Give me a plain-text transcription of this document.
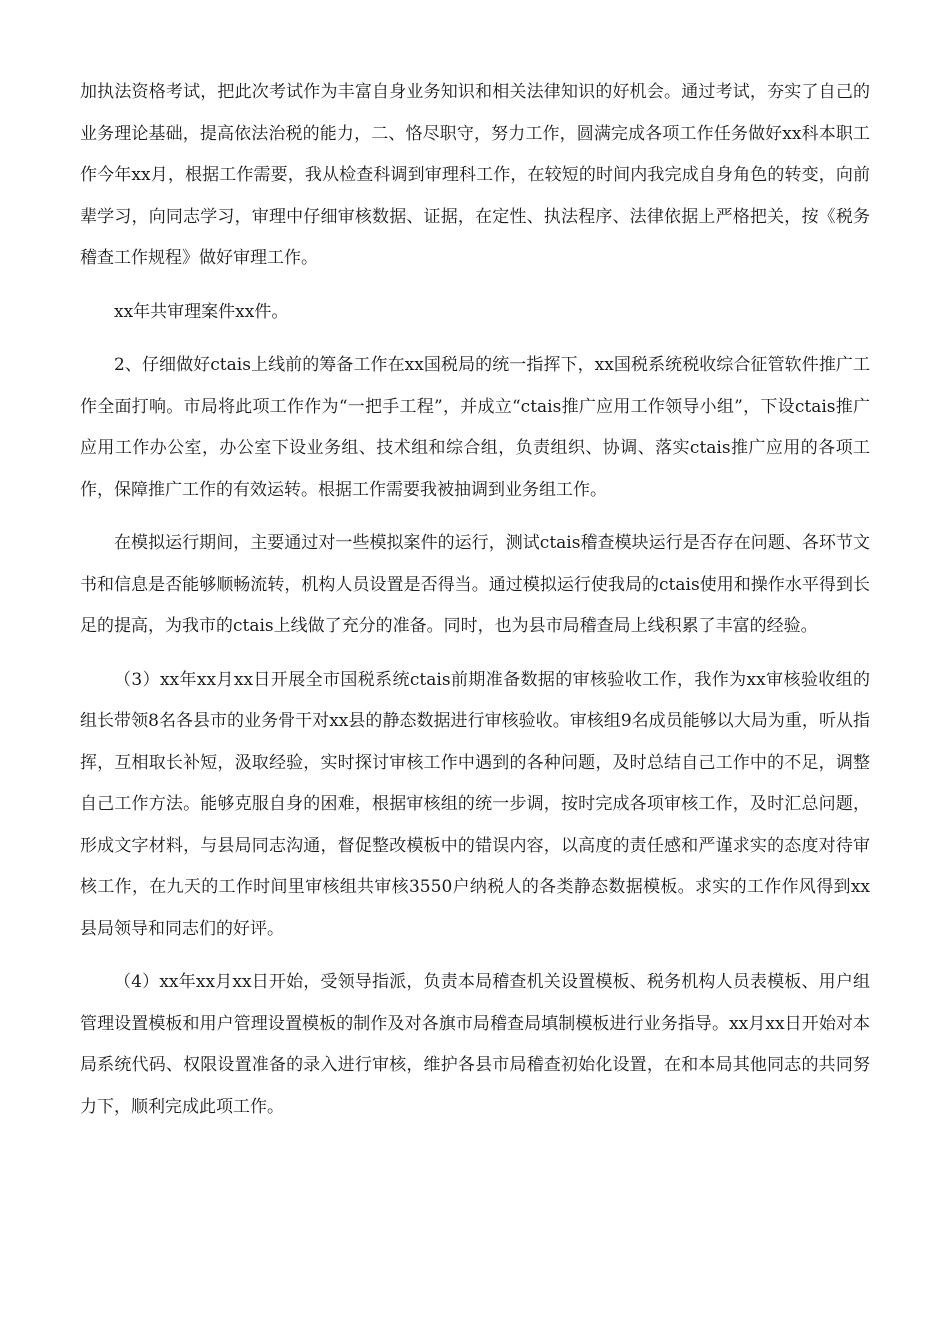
加执法资格考试，把此次考试作为丰富自身业务知识和相关法律知识的好机会。通过考试，夯实了自己的业务理论基础，提高依法治税的能力，二、恪尽职守，努力工作，圆满完成各项工作任务做好xx科本职工作今年xx月，根据工作需要，我从检查科调到审理科工作，在较短的时间内我完成自身角色的转变，向前辈学习，向同志学习，审理中仔细审核数据、证据，在定性、执法程序、法律依据上严格把关，按《税务稽查工作规程》做好审理工作。

xx年共审理案件xx件。

2、仔细做好ctais上线前的筹备工作在xx国税局的统一指挥下，xx国税系统税收综合征管软件推广工作全面打响。市局将此项工作作为“一把手工程”，并成立“ctais推广应用工作领导小组”，下设ctais推广应用工作办公室，办公室下设业务组、技术组和综合组，负责组织、协调、落实ctais推广应用的各项工作，保障推广工作的有效运转。根据工作需要我被抽调到业务组工作。

在模拟运行期间，主要通过对一些模拟案件的运行，测试ctais稽查模块运行是否存在问题、各环节文书和信息是否能够顺畅流转，机构人员设置是否得当。通过模拟运行使我局的ctais使用和操作水平得到长足的提高，为我市的ctais上线做了充分的准备。同时，也为县市局稽查局上线积累了丰富的经验。

（3）xx年xx月xx日开展全市国税系统ctais前期准备数据的审核验收工作，我作为xx审核验收组的组长带领8名各县市的业务骨干对xx县的静态数据进行审核验收。审核组9名成员能够以大局为重，听从指挥，互相取长补短，汲取经验，实时探讨审核工作中遇到的各种问题，及时总结自己工作中的不足，调整自己工作方法。能够克服自身的困难，根据审核组的统一步调，按时完成各项审核工作，及时汇总问题，形成文字材料，与县局同志沟通，督促整改模板中的错误内容，以高度的责任感和严谨求实的态度对待审核工作，在九天的工作时间里审核组共审核3550户纳税人的各类静态数据模板。求实的工作作风得到xx县局领导和同志们的好评。

（4）xx年xx月xx日开始，受领导指派，负责本局稽查机关设置模板、税务机构人员表模板、用户组管理设置模板和用户管理设置模板的制作及对各旗市局稽查局填制模板进行业务指导。xx月xx日开始对本　局系统代码、权限设置准备的录入进行审核，维护各县市局稽查初始化设置，在和本局其他同志的共同努力下，顺利完成此项工作。
